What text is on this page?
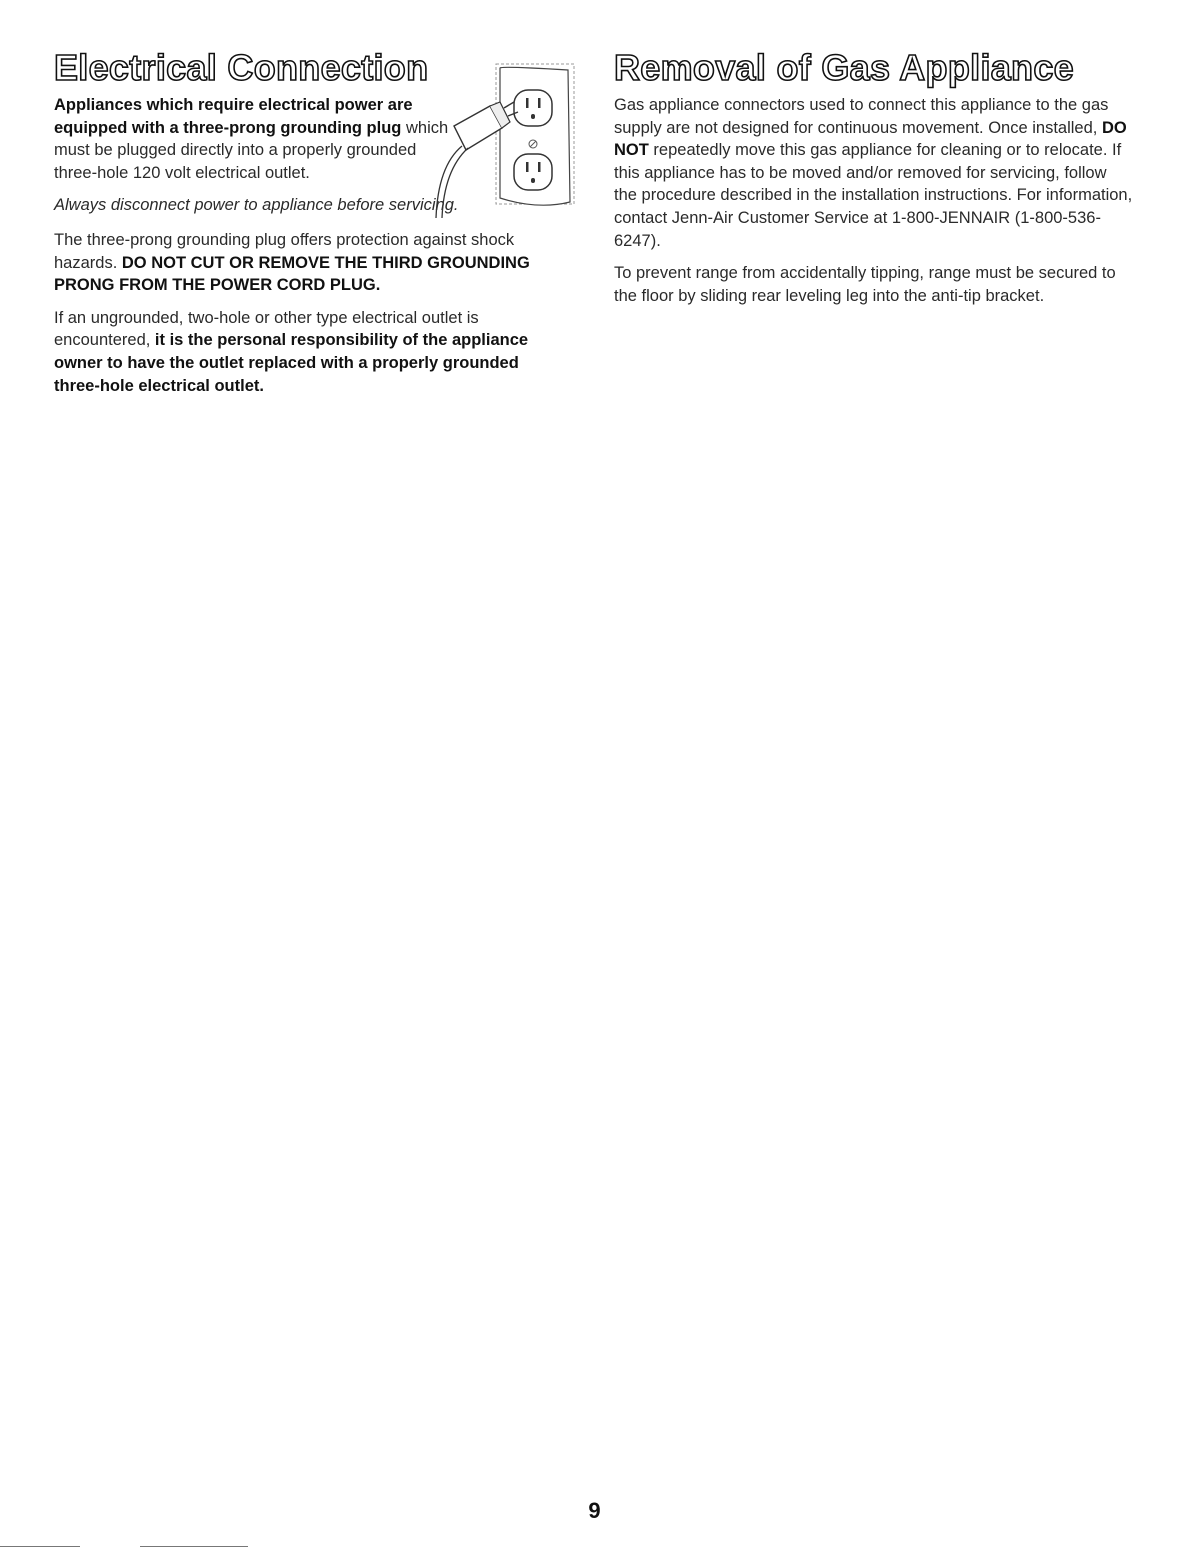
Electrical Connection

Appliances which require electrical power are equipped with a three-prong grounding plug which must be plugged directly into a properly grounded three-hole 120 volt electrical outlet.

Always disconnect power to appliance before servicing.

The three-prong grounding plug offers protection against shock hazards. DO NOT CUT OR REMOVE THE THIRD GROUNDING PRONG FROM THE POWER CORD PLUG.

If an ungrounded, two-hole or other type electrical outlet is encountered, it is the personal responsibility of the appliance owner to have the outlet replaced with a properly grounded three-hole electrical outlet.

Removal of Gas Appliance

Gas appliance connectors used to connect this appliance to the gas supply are not designed for continuous movement. Once installed, DO NOT repeatedly move this gas appliance for cleaning or to relocate. If this appliance has to be moved and/or removed for servicing, follow the procedure described in the installation instructions. For information, contact Jenn-Air Customer Service at 1-800-JENNAIR (1-800-536-6247).

To prevent range from accidentally tipping, range must be secured to the floor by sliding rear leveling leg into the anti-tip bracket.

9
